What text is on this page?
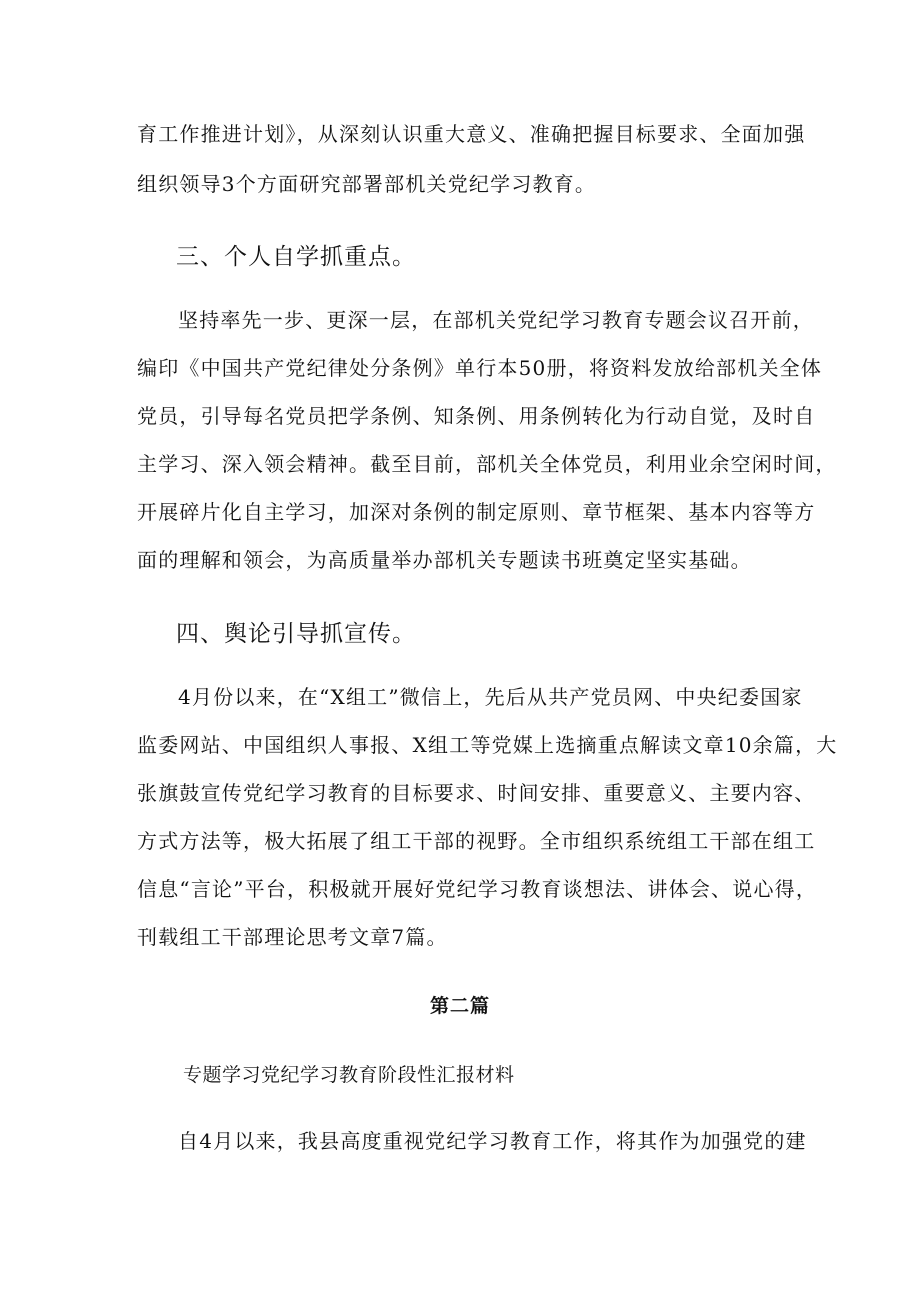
育工作推进计划》，从深刻认识重大意义、准确把握目标要求、全面加强
组织领导3个方面研究部署部机关党纪学习教育。
三、个人自学抓重点。
坚持率先一步、更深一层，在部机关党纪学习教育专题会议召开前，
编印《中国共产党纪律处分条例》单行本50册，将资料发放给部机关全体
党员，引导每名党员把学条例、知条例、用条例转化为行动自觉，及时自
主学习、深入领会精神。截至目前，部机关全体党员，利用业余空闲时间，
开展碎片化自主学习，加深对条例的制定原则、章节框架、基本内容等方
面的理解和领会，为高质量举办部机关专题读书班奠定坚实基础。
四、舆论引导抓宣传。
4月份以来，在“X组工”微信上，先后从共产党员网、中央纪委国家
监委网站、中国组织人事报、X组工等党媒上选摘重点解读文章10余篇，大
张旗鼓宣传党纪学习教育的目标要求、时间安排、重要意义、主要内容、
方式方法等，极大拓展了组工干部的视野。全市组织系统组工干部在组工
信息“言论”平台，积极就开展好党纪学习教育谈想法、讲体会、说心得，
刊载组工干部理论思考文章7篇。
第二篇
专题学习党纪学习教育阶段性汇报材料
自4月以来，我县高度重视党纪学习教育工作，将其作为加强党的建
